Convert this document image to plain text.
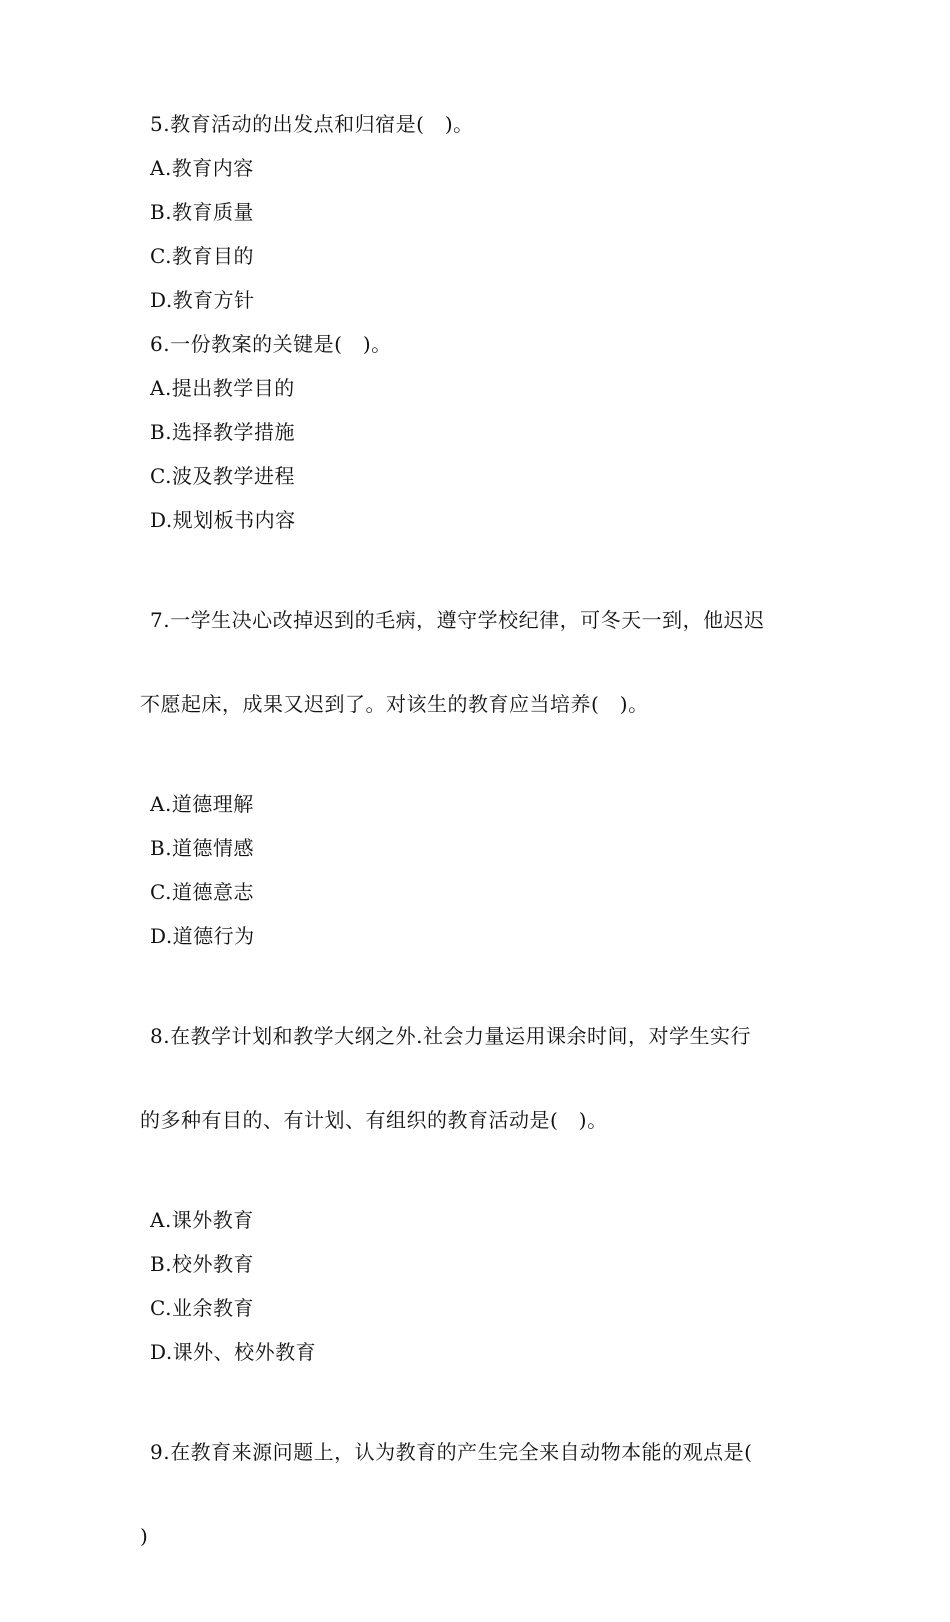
5.教育活动的出发点和归宿是(　)。
A.教育内容
B.教育质量
C.教育目的
D.教育方针
6.一份教案的关键是(　)。
A.提出教学目的
B.选择教学措施
C.波及教学进程
D.规划板书内容

7.一学生决心改掉迟到的毛病，遵守学校纪律，可冬天一到，他迟迟

不愿起床，成果又迟到了。对该生的教育应当培养(　)。

A.道德理解
B.道德情感
C.道德意志
D.道德行为

8.在教学计划和教学大纲之外.社会力量运用课余时间，对学生实行

的多种有目的、有计划、有组织的教育活动是(　)。

A.课外教育
B.校外教育
C.业余教育
D.课外、校外教育

9.在教育来源问题上，认为教育的产生完全来自动物本能的观点是(

)
